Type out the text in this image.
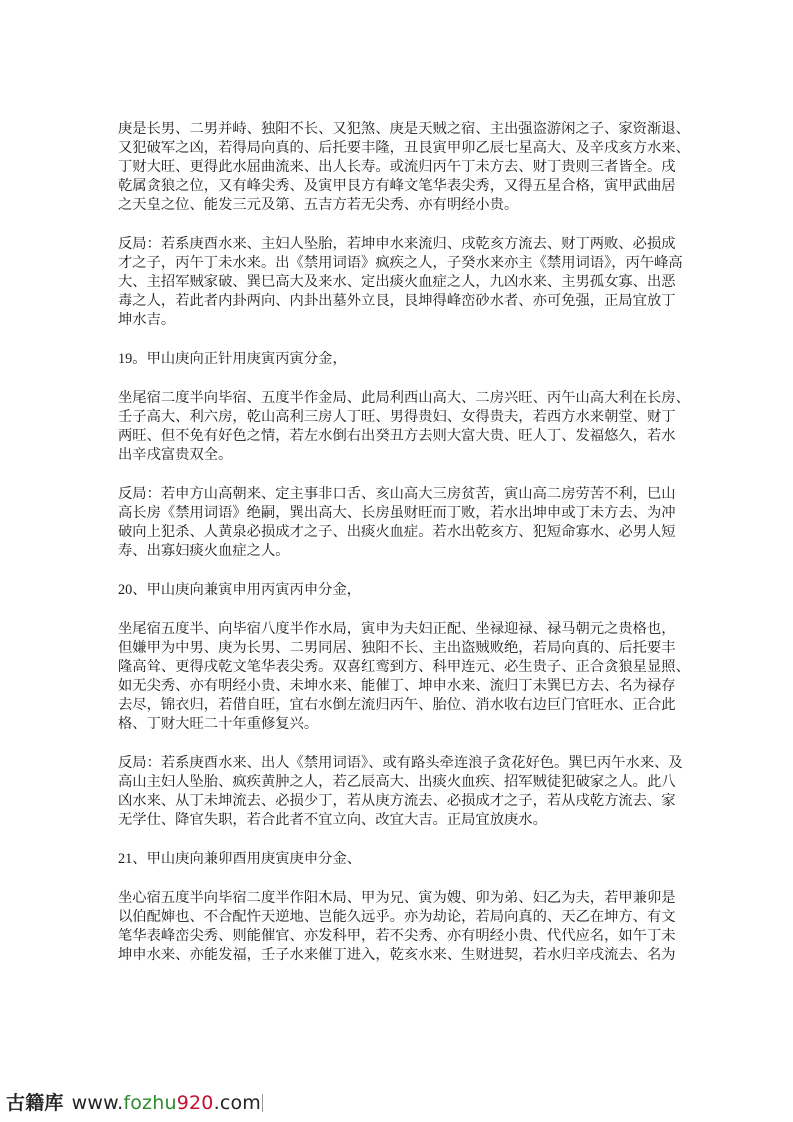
庚是长男、二男并峙、独阳不长、又犯煞、庚是天贼之宿、主出强盗游闲之子、家资渐退、
又犯破军之凶，若得局向真的、后托要丰隆，丑艮寅甲卯乙辰七星高大、及辛戌亥方水来、
丁财大旺、更得此水屈曲流来、出人长寿。或流归丙午丁未方去、财丁贵则三者皆全。戌
乾属贪狼之位，又有峰尖秀、及寅甲艮方有峰文笔华表尖秀，又得五星合格，寅甲武曲居
之天皇之位、能发三元及第、五吉方若无尖秀、亦有明经小贵。
反局：若系庚酉水来、主妇人坠胎，若坤申水来流归、戌乾亥方流去、财丁两败、必损成
才之子，丙午丁未水来。出《禁用词语》疯疾之人，子癸水来亦主《禁用词语》，丙午峰高
大、主招军贼家破、巽巳高大及来水、定出痰火血症之人，九凶水来、主男孤女寡、出恶
毒之人，若此者内卦两向、内卦出墓外立艮，艮坤得峰峦砂水者、亦可免强，正局宜放丁
坤水吉。
19。甲山庚向正针用庚寅丙寅分金，
坐尾宿二度半向毕宿、五度半作金局、此局利西山高大、二房兴旺、丙午山高大利在长房、
壬子高大、利六房，乾山高利三房人丁旺、男得贵妇、女得贵夫，若西方水来朝堂、财丁
两旺、但不免有好色之情，若左水倒右出癸丑方去则大富大贵、旺人丁、发福悠久，若水
出辛戌富贵双全。
反局：若申方山高朝来、定主事非口舌、亥山高大三房贫苦，寅山高二房劳苦不利，巳山
高长房《禁用词语》绝嗣，巽出高大、长房虽财旺而丁败，若水出坤申或丁未方去、为冲
破向上犯杀、人黄泉必损成才之子、出痰火血症。若水出乾亥方、犯短命寡水、必男人短
寿、出寡妇痰火血症之人。
20、甲山庚向兼寅申用丙寅丙申分金，
坐尾宿五度半、向毕宿八度半作水局，寅申为夫妇正配、坐禄迎禄、禄马朝元之贵格也，
但嫌甲为中男、庚为长男、二男同居、独阳不长、主出盗贼败绝，若局向真的、后托要丰
隆高耸、更得戌乾文笔华表尖秀。双喜红鸾到方、科甲连元、必生贵子、正合贪狼星显照、
如无尖秀、亦有明经小贵、未坤水来、能催丁、坤申水来、流归丁未巽巳方去、名为禄存
去尽，锦衣归，若借自旺，宜右水倒左流归丙午、胎位、消水收右边巨门官旺水、正合此
格、丁财大旺二十年重修复兴。
反局：若系庚酉水来、出人《禁用词语》、或有路头牵连浪子贪花好色。巽巳丙午水来、及
高山主妇人坠胎、疯疾黄肿之人，若乙辰高大、出痰火血疾、招军贼徒犯破家之人。此八
凶水来、从丁未坤流去、必损少丁，若从庚方流去、必损成才之子，若从戌乾方流去、家
无学仕、降官失职，若合此者不宜立向、改宜大吉。正局宜放庚水。
21、甲山庚向兼卯酉用庚寅庚申分金、
坐心宿五度半向毕宿二度半作阳木局、甲为兄、寅为嫂、卯为弟、妇乙为夫，若甲兼卯是
以伯配婶也、不合配忤天逆地、岂能久远乎。亦为劫论，若局向真的、天乙在坤方、有文
笔华表峰峦尖秀、则能催官、亦发科甲，若不尖秀、亦有明经小贵、代代应名，如午丁未
坤申水来、亦能发福，壬子水来催丁进入，乾亥水来、生财进契，若水归辛戌流去、名为
古籍库 www.fozhu920.com
